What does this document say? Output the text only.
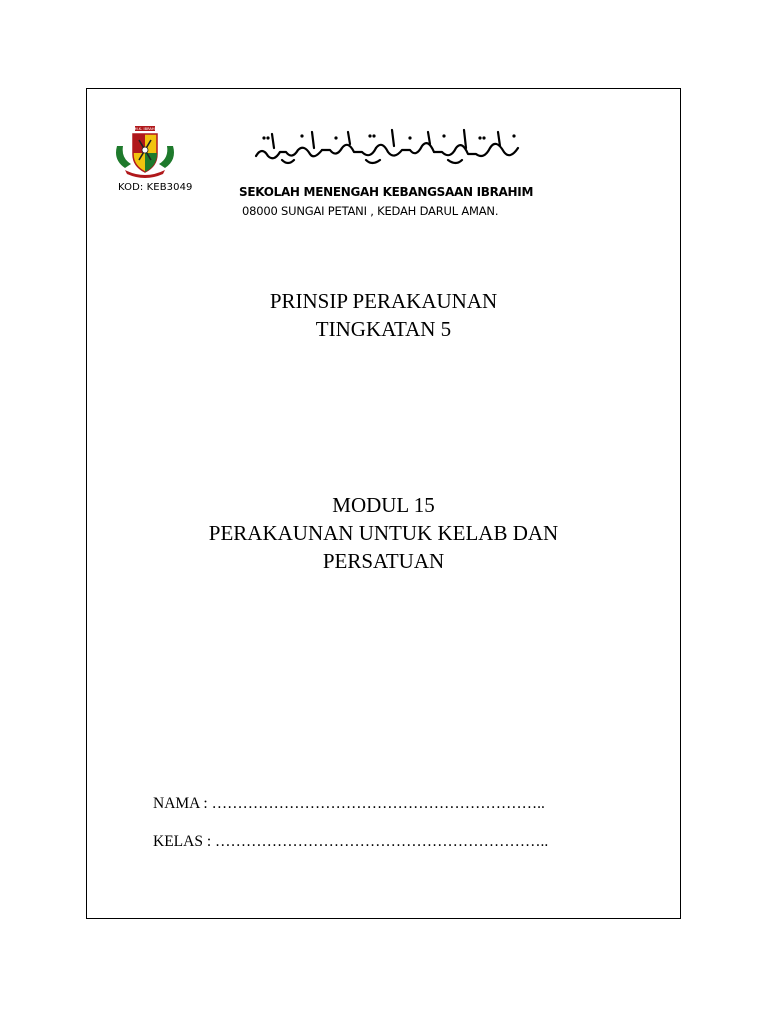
S.M.K. IBRAHIM
KOD: KEB3049	SEKOLAH MENENGAH KEBANGSAAN IBRAHIM
08000 SUNGAI PETANI , KEDAH DARUL AMAN.
PRINSIP PERAKAUNAN
TINGKATAN 5
MODUL 15
PERAKAUNAN UNTUK KELAB DAN
PERSATUAN
NAMA : ………………………………………………………..
KELAS : ………………………………………………………..
